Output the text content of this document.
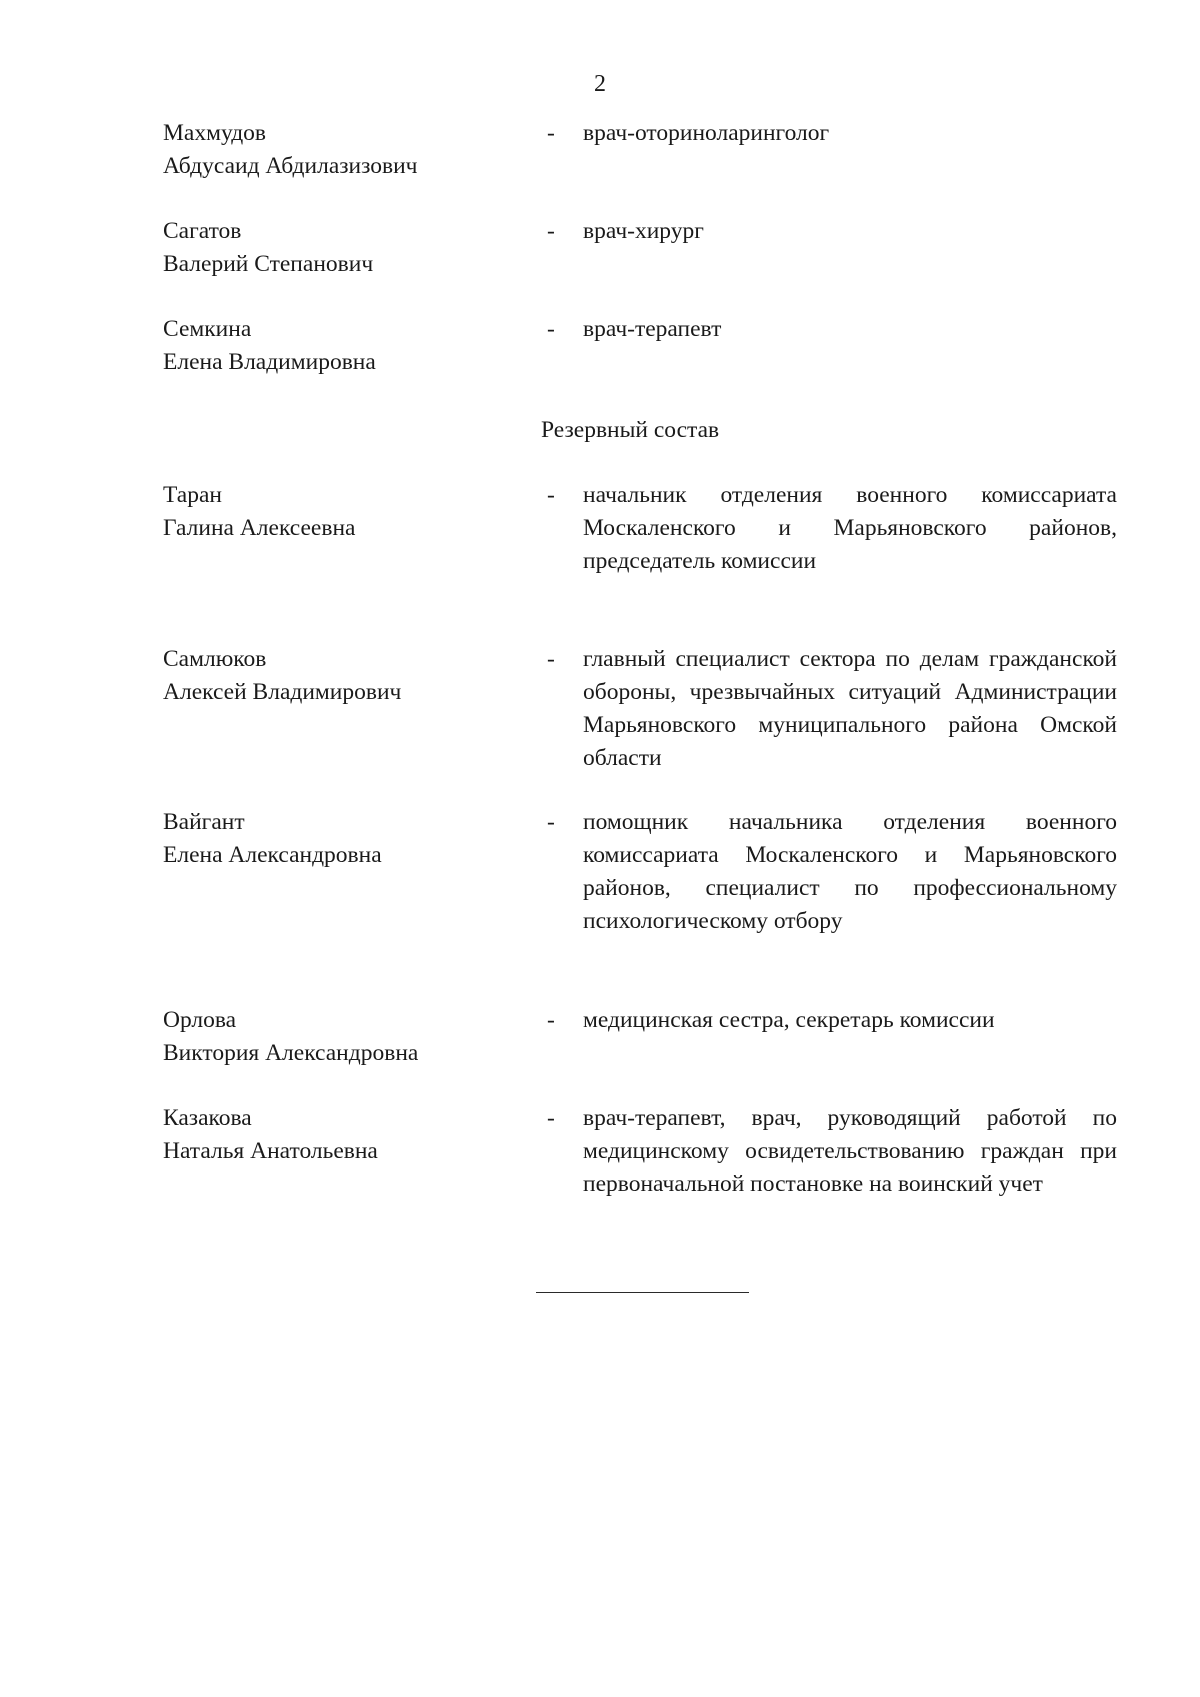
2
Махмудов
Абдусаид Абдилазизович
- врач-оториноларинголог
Сагатов
Валерий Степанович
- врач-хирург
Семкина
Елена Владимировна
- врач-терапевт
Резервный состав
Таран
Галина Алексеевна
- начальник отделения военного комиссариата Москаленского и Марьяновского районов, председатель комиссии
Самлюков
Алексей Владимирович
- главный специалист сектора по делам гражданской обороны, чрезвычайных ситуаций Администрации Марьяновского муниципального района Омской области
Вайгант
Елена Александровна
- помощник начальника отделения военного комиссариата Москаленского и Марьяновского районов, специалист по профессиональному психологическому отбору
Орлова
Виктория Александровна
- медицинская сестра, секретарь комиссии
Казакова
Наталья Анатольевна
- врач-терапевт, врач, руководящий работой по медицинскому освидетельствованию граждан при первоначальной постановке на воинский учет
